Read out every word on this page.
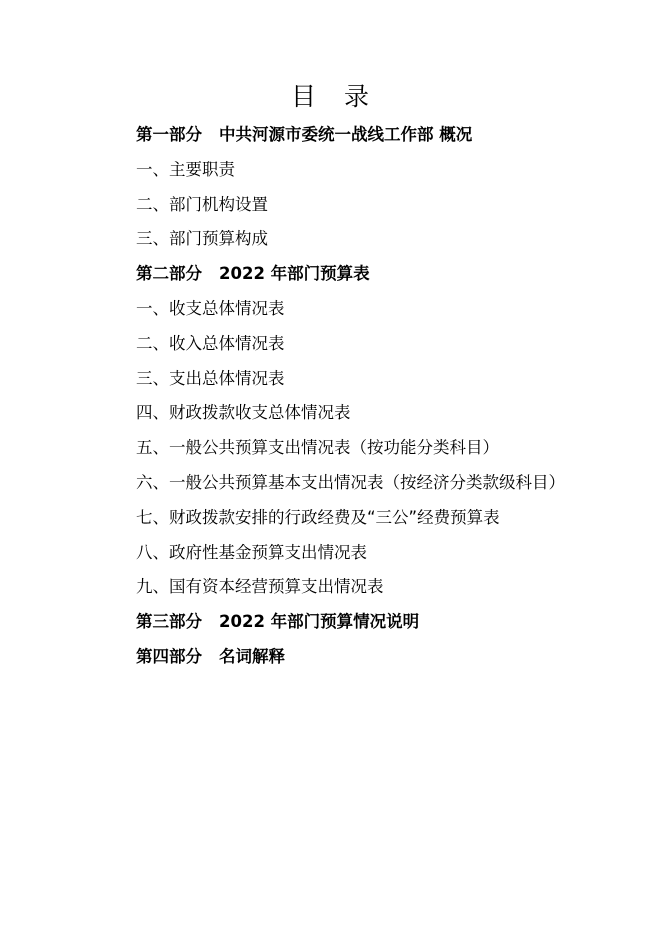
目 录
第一部分 中共河源市委统一战线工作部 概况
一、主要职责
二、部门机构设置
三、部门预算构成
第二部分 2022 年部门预算表
一、收支总体情况表
二、收入总体情况表
三、支出总体情况表
四、财政拨款收支总体情况表
五、一般公共预算支出情况表（按功能分类科目）
六、一般公共预算基本支出情况表（按经济分类款级科目）
七、财政拨款安排的行政经费及“三公”经费预算表
八、政府性基金预算支出情况表
九、国有资本经营预算支出情况表
第三部分 2022 年部门预算情况说明
第四部分 名词解释
